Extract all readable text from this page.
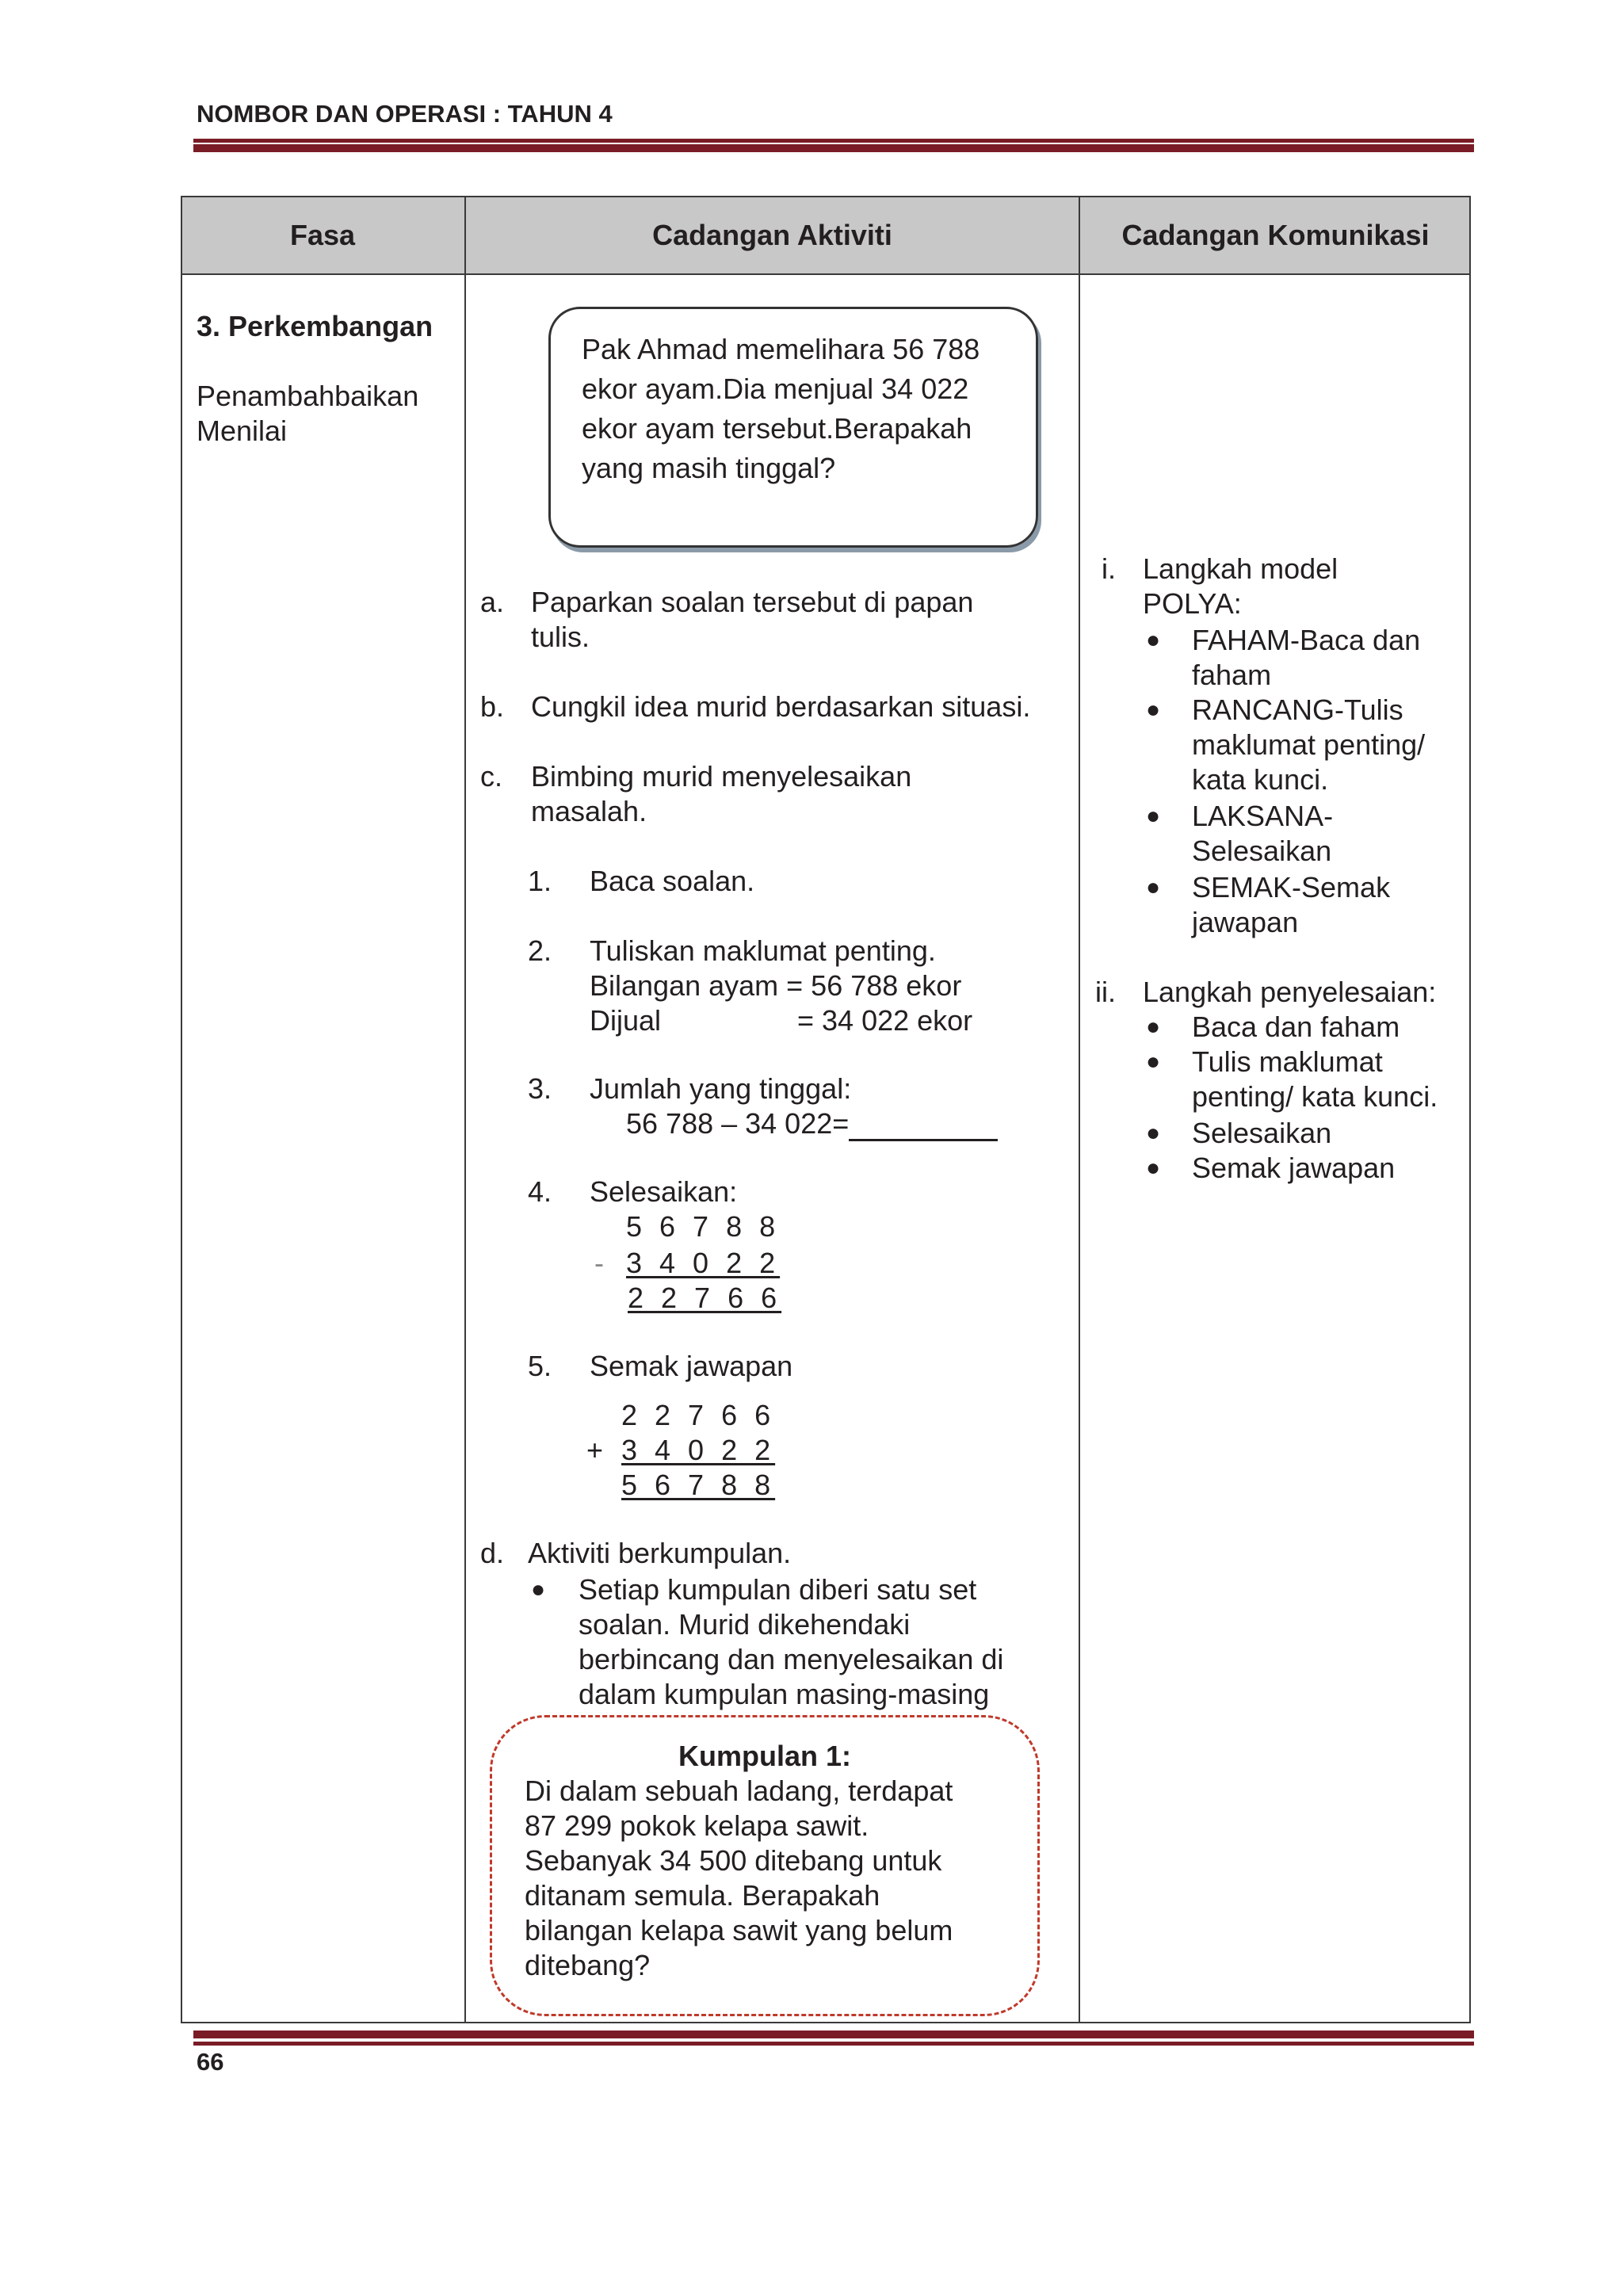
NOMBOR DAN OPERASI : TAHUN 4
Fasa	Cadangan Aktiviti	Cadangan Komunikasi
3. Perkembangan
Penambahbaikan
Menilai
Pak Ahmad memelihara 56 788
ekor ayam.Dia menjual 34 022
ekor ayam tersebut.Berapakah
yang masih tinggal?
a. Paparkan soalan tersebut di papan
tulis.
b. Cungkil idea murid berdasarkan situasi.
c. Bimbing murid menyelesaikan
masalah.
1. Baca soalan.
2. Tuliskan maklumat penting.
Bilangan ayam = 56 788 ekor
Dijual	= 34 022 ekor
3. Jumlah yang tinggal:
56 788 – 34 022=
4. Selesaikan:
5 6 7 8 8
- 3 4 0 2 2
2 2 7 6 6
5. Semak jawapan
2 2 7 6 6
+ 3 4 0 2 2
5 6 7 8 8
d. Aktiviti berkumpulan.
● Setiap kumpulan diberi satu set
soalan. Murid dikehendaki
berbincang dan menyelesaikan di
dalam kumpulan masing-masing
Kumpulan 1:
Di dalam sebuah ladang, terdapat
87 299 pokok kelapa sawit.
Sebanyak 34 500 ditebang untuk
ditanam semula. Berapakah
bilangan kelapa sawit yang belum
ditebang?
i. Langkah model
POLYA:
● FAHAM-Baca dan
faham
● RANCANG-Tulis
maklumat penting/
kata kunci.
● LAKSANA-
Selesaikan
● SEMAK-Semak
jawapan
ii. Langkah penyelesaian:
● Baca dan faham
● Tulis maklumat
penting/ kata kunci.
● Selesaikan
● Semak jawapan
66
